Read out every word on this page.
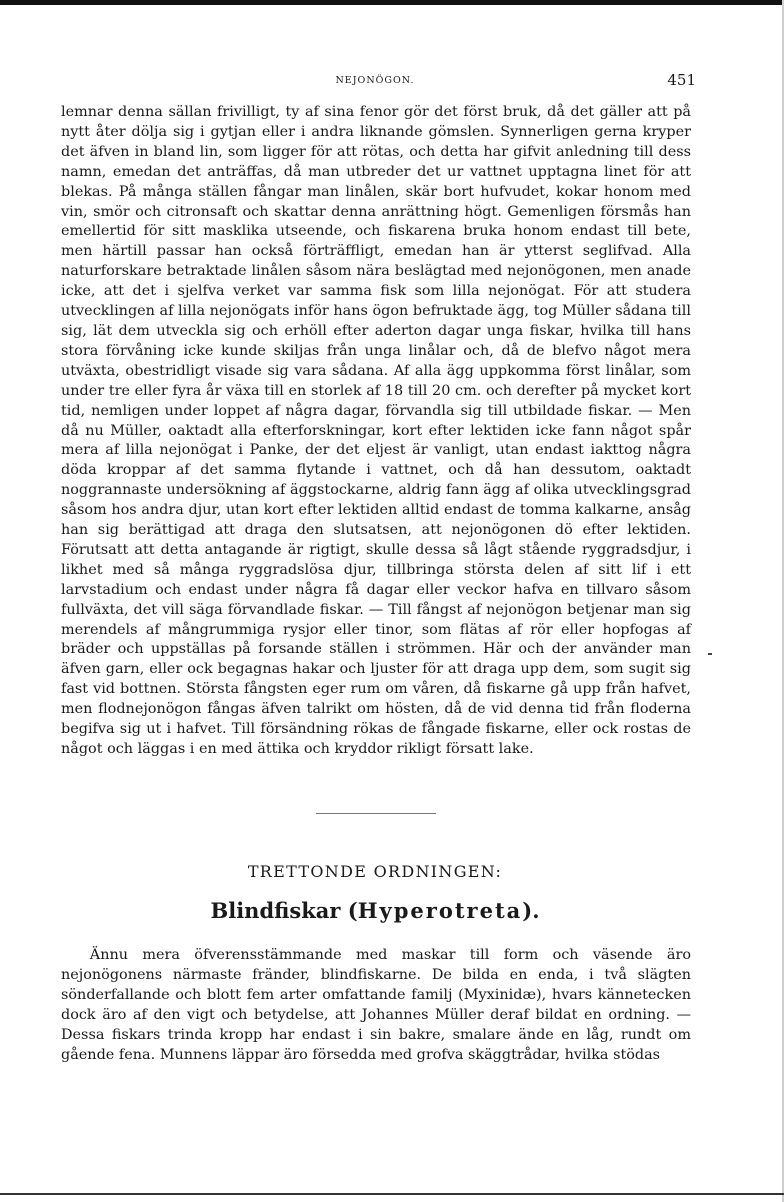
NEJONÖGON.	451

lemnar denna sällan frivilligt, ty af sina fenor gör det först bruk, då det gäller att på nytt åter dölja sig i gytjan eller i andra liknande gömslen. Synnerligen gerna kryper det äfven in bland lin, som ligger för att rötas, och detta har gifvit anledning till dess namn, emedan det anträffas, då man utbreder det ur vattnet upptagna linet för att blekas. På många ställen fångar man linålen, skär bort hufvudet, kokar honom med vin, smör och citronsaft och skattar denna anrättning högt. Gemenligen försmås han emellertid för sitt masklika utseende, och fiskarena bruka honom endast till bete, men härtill passar han också förträffligt, emedan han är ytterst seglifvad. Alla naturforskare betraktade linålen såsom nära beslägtad med nejonögonen, men anade icke, att det i sjelfva verket var samma fisk som lilla nejonögat. För att studera utvecklingen af lilla nejonögats inför hans ögon befruktade ägg, tog Müller sådana till sig, lät dem utveckla sig och erhöll efter aderton dagar unga fiskar, hvilka till hans stora förvåning icke kunde skiljas från unga linålar och, då de blefvo något mera utväxta, obestridligt visade sig vara sådana. Af alla ägg uppkomma först linålar, som under tre eller fyra år växa till en storlek af 18 till 20 cm. och derefter på mycket kort tid, nemligen under loppet af några dagar, förvandla sig till utbildade fiskar. — Men då nu Müller, oaktadt alla efterforskningar, kort efter lektiden icke fann något spår mera af lilla nejonögat i Panke, der det eljest är vanligt, utan endast iakttog några döda kroppar af det samma flytande i vattnet, och då han dessutom, oaktadt noggrannaste undersökning af äggstockarne, aldrig fann ägg af olika utvecklingsgrad såsom hos andra djur, utan kort efter lektiden alltid endast de tomma kalkarne, ansåg han sig berättigad att draga den slutsatsen, att nejonögonen dö efter lektiden. Förutsatt att detta antagande är rigtigt, skulle dessa så lågt stående ryggradsdjur, i likhet med så många ryggradslösa djur, tillbringa största delen af sitt lif i ett larvstadium och endast under några få dagar eller veckor hafva en tillvaro såsom fullväxta, det vill säga förvandlade fiskar. — Till fångst af nejonögon betjenar man sig merendels af mångrummiga rysjor eller tinor, som flätas af rör eller hopfogas af bräder och uppställas på forsande ställen i strömmen. Här och der använder man äfven garn, eller ock begagnas hakar och ljuster för att draga upp dem, som sugit sig fast vid bottnen. Största fångsten eger rum om våren, då fiskarne gå upp från hafvet, men flodnejonögon fångas äfven talrikt om hösten, då de vid denna tid från floderna begifva sig ut i hafvet. Till försändning rökas de fångade fiskarne, eller ock rostas de något och läggas i en med ättika och kryddor rikligt försatt lake.

TRETTONDE ORDNINGEN:
Blindfiskar (Hyperotreta).

Ännu mera öfverensstämmande med maskar till form och väsende äro nejonögonens närmaste fränder, blindfiskarne. De bilda en enda, i två slägten sönderfallande och blott fem arter omfattande familj (Myxinidæ), hvars kännetecken dock äro af den vigt och betydelse, att Johannes Müller deraf bildat en ordning. — Dessa fiskars trinda kropp har endast i sin bakre, smalare ände en låg, rundt om gående fena. Munnens läppar äro försedda med grofva skäggtrådar, hvilka stödas
